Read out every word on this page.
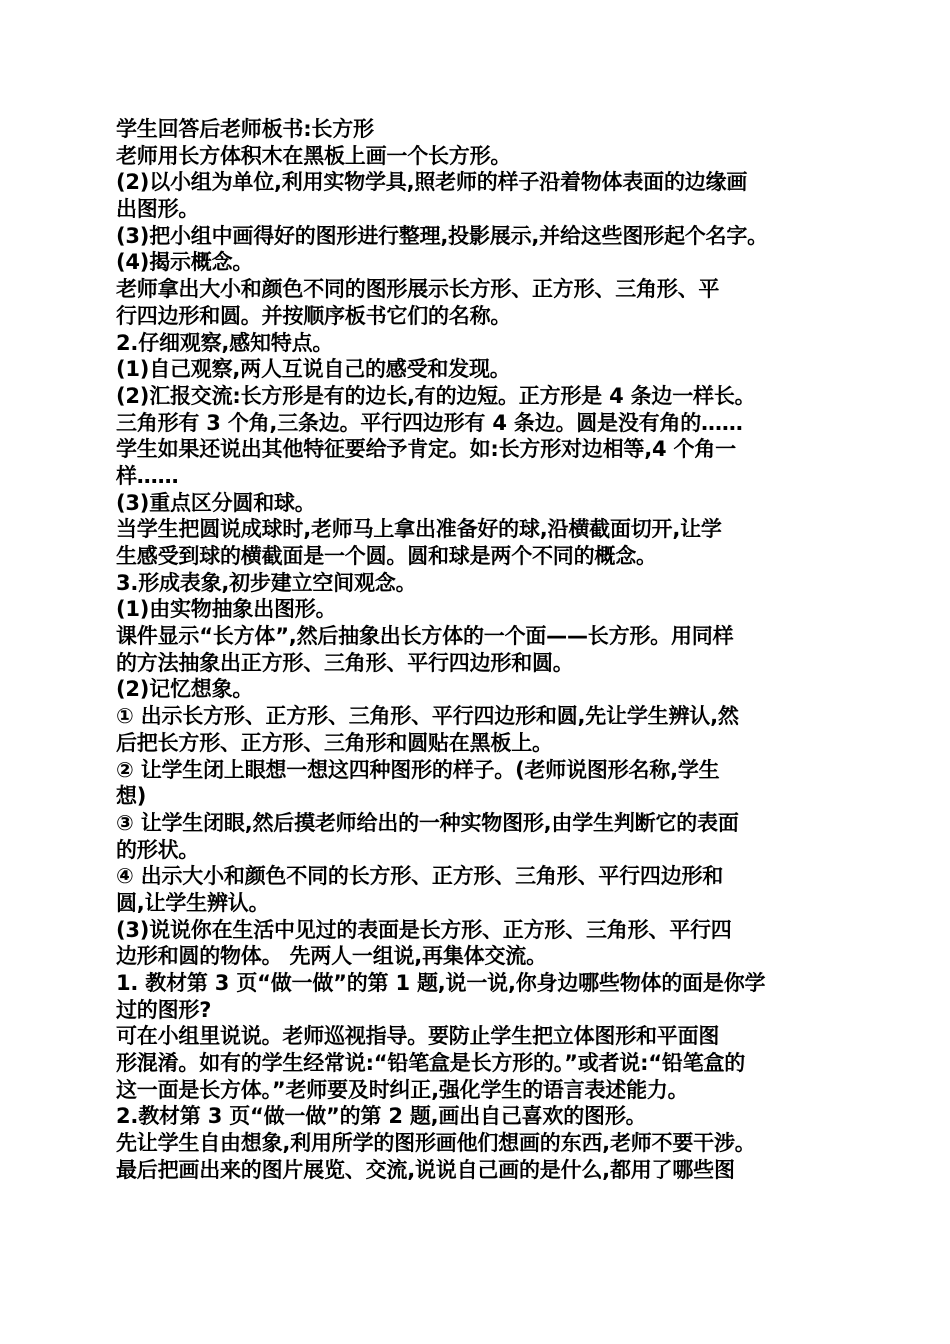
学生回答后老师板书:长方形
老师用长方体积木在黑板上画一个长方形。
(2)以小组为单位,利用实物学具,照老师的样子沿着物体表面的边缘画
出图形。
(3)把小组中画得好的图形进行整理,投影展示,并给这些图形起个名字。
(4)揭示概念。
老师拿出大小和颜色不同的图形展示长方形、正方形、三角形、平
行四边形和圆。并按顺序板书它们的名称。
2.仔细观察,感知特点。
(1)自己观察,两人互说自己的感受和发现。
(2)汇报交流:长方形是有的边长,有的边短。正方形是 4 条边一样长。
三角形有 3 个角,三条边。平行四边形有 4 条边。圆是没有角的……
学生如果还说出其他特征要给予肯定。如:长方形对边相等,4 个角一
样……
(3)重点区分圆和球。
当学生把圆说成球时,老师马上拿出准备好的球,沿横截面切开,让学
生感受到球的横截面是一个圆。圆和球是两个不同的概念。
3.形成表象,初步建立空间观念。
(1)由实物抽象出图形。
课件显示“长方体”,然后抽象出长方体的一个面——长方形。用同样
的方法抽象出正方形、三角形、平行四边形和圆。
(2)记忆想象。
① 出示长方形、正方形、三角形、平行四边形和圆,先让学生辨认,然
后把长方形、正方形、三角形和圆贴在黑板上。
② 让学生闭上眼想一想这四种图形的样子。(老师说图形名称,学生
想)
③ 让学生闭眼,然后摸老师给出的一种实物图形,由学生判断它的表面
的形状。
④ 出示大小和颜色不同的长方形、正方形、三角形、平行四边形和
圆,让学生辨认。
(3)说说你在生活中见过的表面是长方形、正方形、三角形、平行四
边形和圆的物体。 先两人一组说,再集体交流。
1. 教材第 3 页“做一做”的第 1 题,说一说,你身边哪些物体的面是你学
过的图形?
可在小组里说说。老师巡视指导。要防止学生把立体图形和平面图
形混淆。如有的学生经常说:“铅笔盒是长方形的。”或者说:“铅笔盒的
这一面是长方体。”老师要及时纠正,强化学生的语言表述能力。
2.教材第 3 页“做一做”的第 2 题,画出自己喜欢的图形。
先让学生自由想象,利用所学的图形画他们想画的东西,老师不要干涉。
最后把画出来的图片展览、交流,说说自己画的是什么,都用了哪些图
